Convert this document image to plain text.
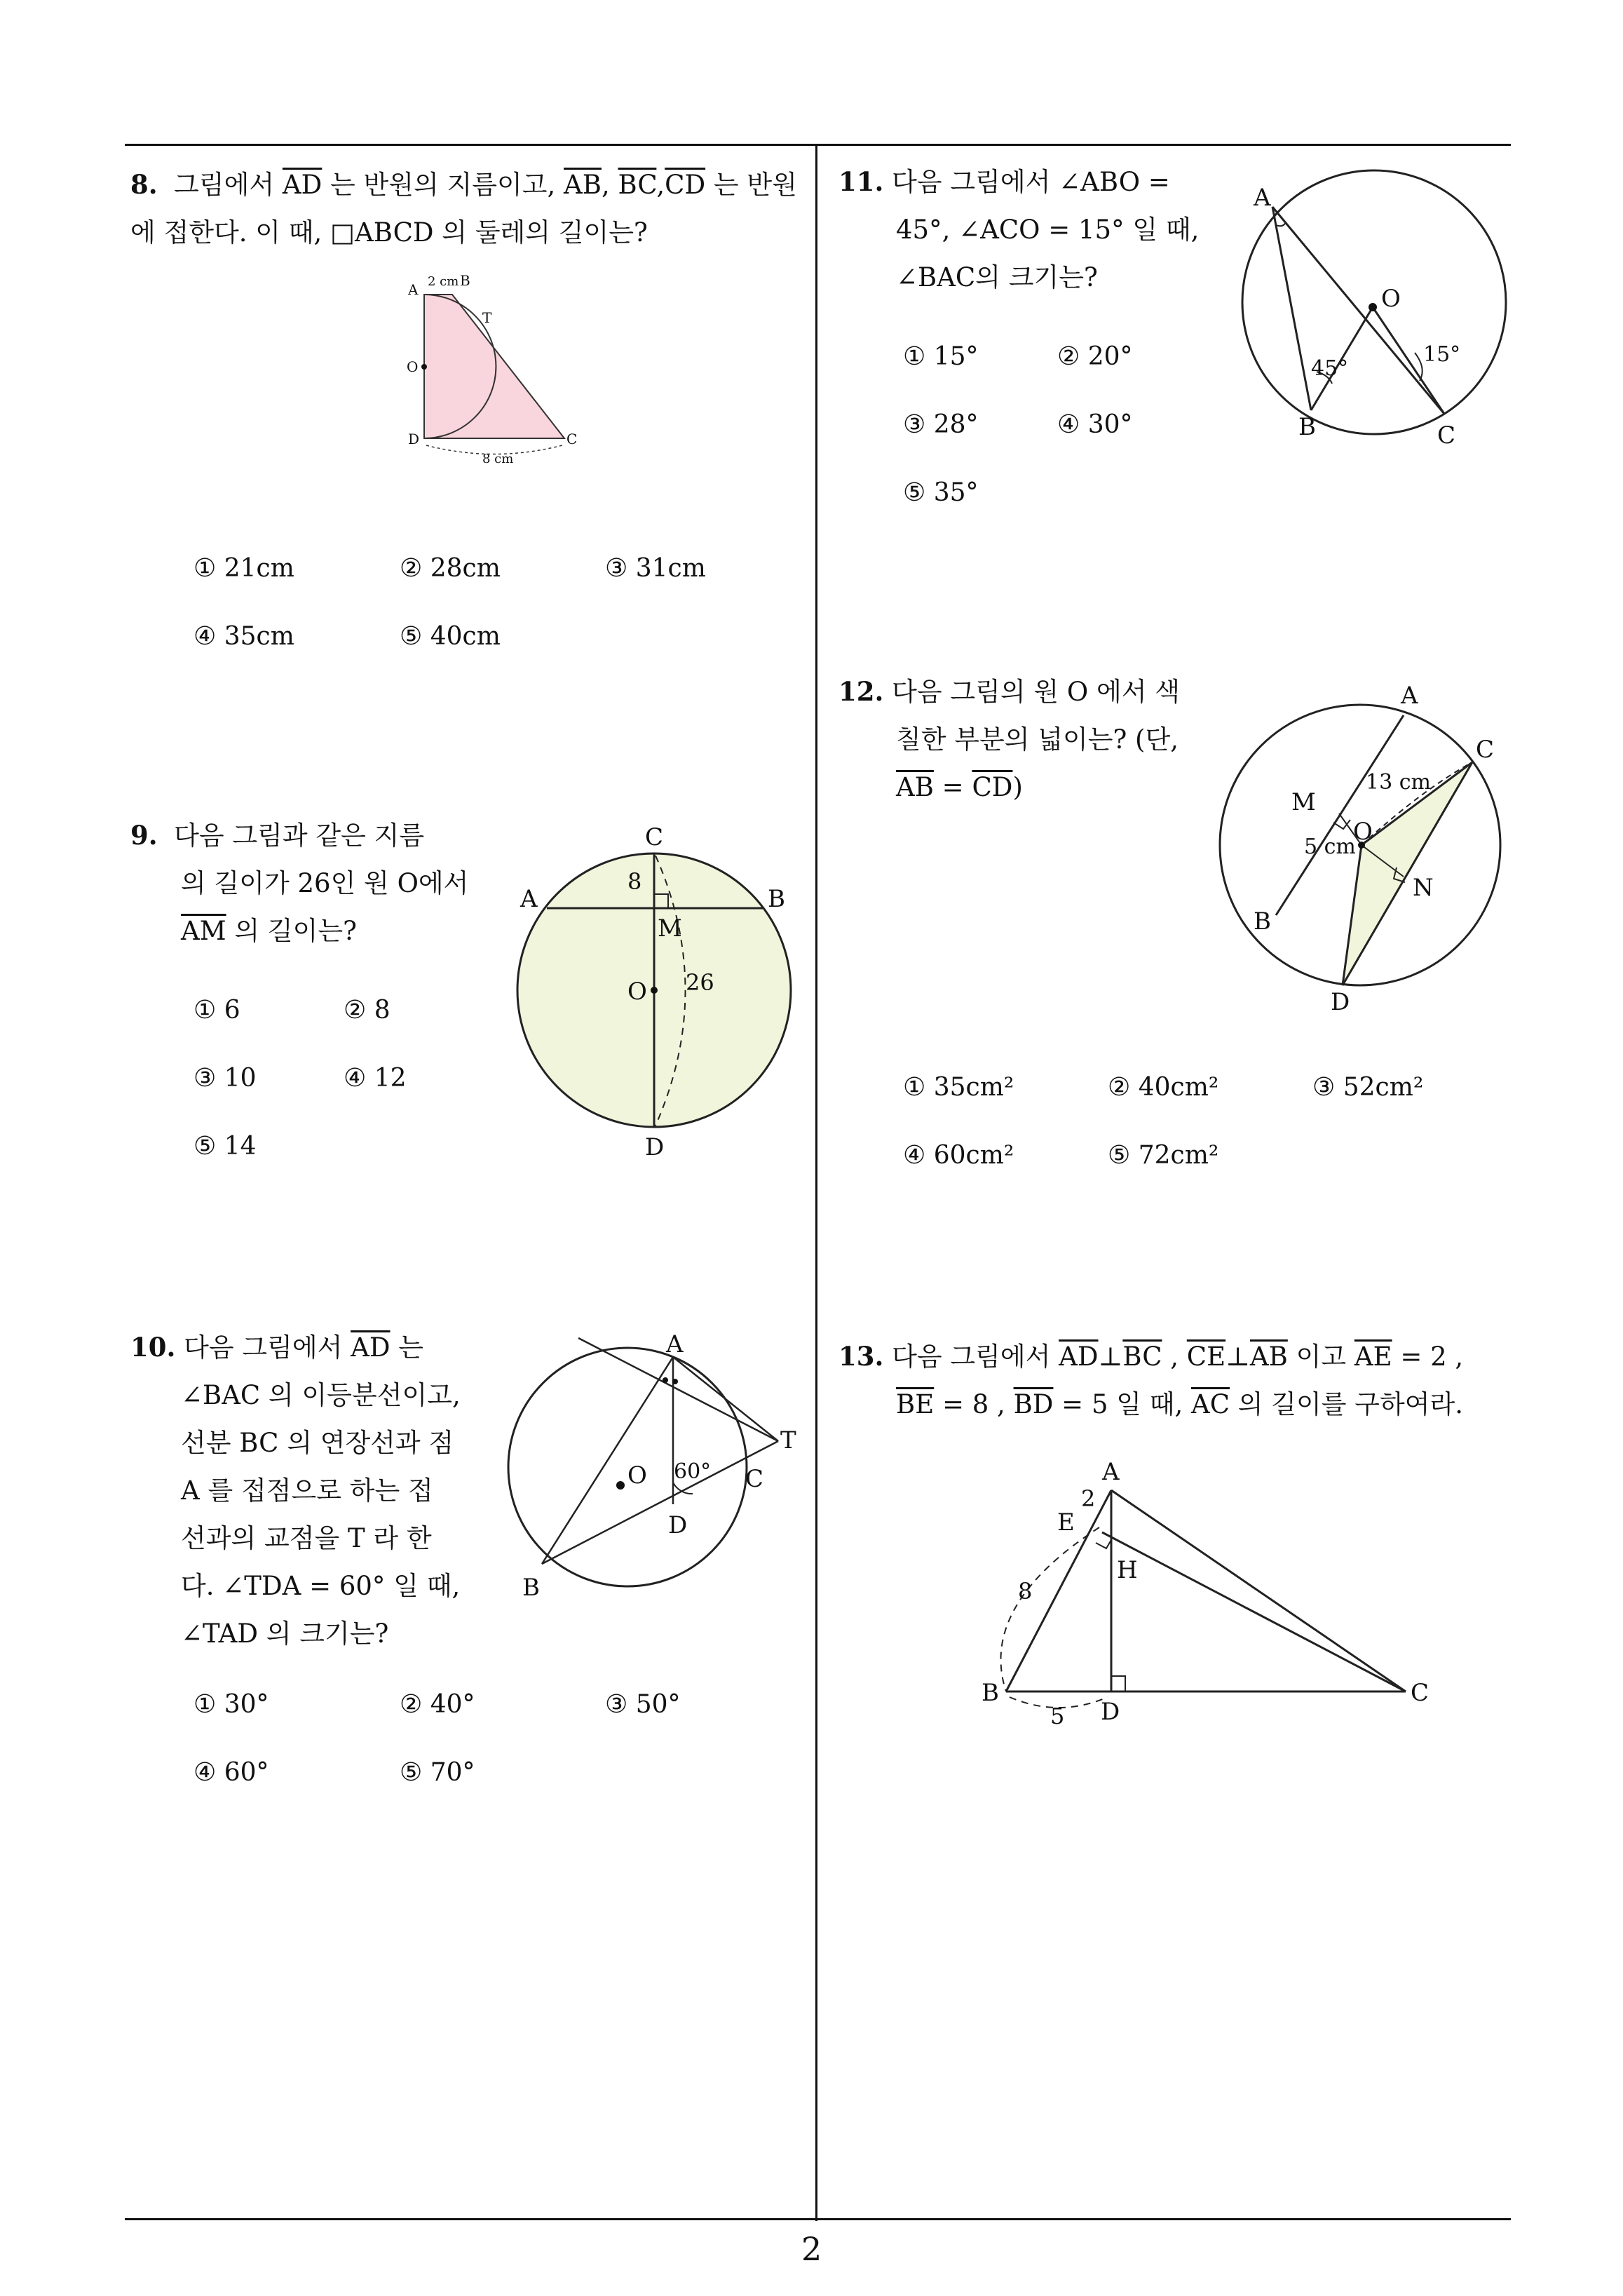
8. 그림에서 $\overline{AD}$ 는 반원의 지름이고, $\overline{AB}$, $\overline{BC},\overline{CD}$ 는 반원에 접한다. 이 때, □ABCD 의 둘레의 길이는?
A 2 cm B
T
O
D	C
8 cm
① 21cm	② 28cm	③ 31cm
④ 35cm	⑤ 40cm
9. 다음 그림과 같은 지름
의 길이가 26인 원 O에서
$\overline{AM}$ 의 길이는?
C
8
A	B
M
O 26
D
① 6	② 8
③ 10	④ 12
⑤ 14
10. 다음 그림에서 $\overline{AD}$ 는
∠BAC 의 이등분선이고,
선분 BC 의 연장선과 점
A 를 접점으로 하는 접
선과의 교점을 T 라 한
다. ∠TDA = 60° 일 때,
∠TAD 의 크기는?
A
T
O 60° C
D
B
① 30°	② 40°	③ 50°
④ 60°	⑤ 70°
11. 다음 그림에서 ∠ABO =
45°, ∠ACO = 15° 일 때,
∠BAC의 크기는?
A
O
45°
15°
B	C
① 15°	② 20°
③ 28°	④ 30°
⑤ 35°
12. 다음 그림의 원 O 에서 색
칠한 부분의 넓이는? (단,
$\overline{AB} = \overline{CD}$)
A
C
13 cm
M
O
5 cm
N
B
D
① 35cm²	② 40cm²	③ 52cm²
④ 60cm²	⑤ 72cm²
13. 다음 그림에서 $\overline{AD}\perp\overline{BC}$ , $\overline{CE}\perp\overline{AB}$ 이고 $\overline{AE} = 2$ ,
$\overline{BE} = 8$ , $\overline{BD} = 5$ 일 때, $\overline{AC}$ 의 길이를 구하여라.
A
2
E
H
8
B
D
5
C
2
